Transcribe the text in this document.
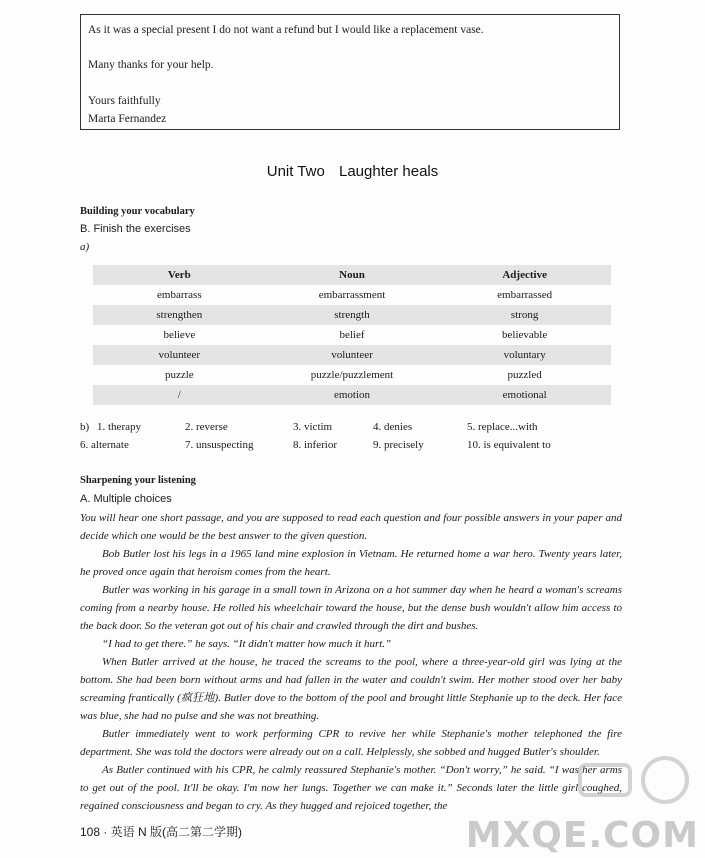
As it was a special present I do not want a refund but I would like a replacement vase.

Many thanks for your help.

Yours faithfully

Marta Fernandez

Unit Two Laughter heals
Building your vocabulary
B. Finish the exercises
a)
Verb	Noun	Adjective
embarrass	embarrassment	embarrassed
strengthen	strength	strong
believe	belief	believable
volunteer	volunteer	voluntary
puzzle	puzzle/puzzlement	puzzled
/	emotion	emotional
b) 1. therapy	2. reverse	3. victim	4. denies	5. replace...with
6. alternate	7. unsuspecting	8. inferior	9. precisely	10. is equivalent to
Sharpening your listening
A. Multiple choices

You will hear one short passage, and you are supposed to read each question and four possible answers in your paper and decide which one would be the best answer to the given question.

Bob Butler lost his legs in a 1965 land mine explosion in Vietnam. He returned home a war hero. Twenty years later, he proved once again that heroism comes from the heart.

Butler was working in his garage in a small town in Arizona on a hot summer day when he heard a woman's screams coming from a nearby house. He rolled his wheelchair toward the house, but the dense bush wouldn't allow him access to the back door. So the veteran got out of his chair and crawled through the dirt and bushes.

“I had to get there.” he says. “It didn't matter how much it hurt.”

When Butler arrived at the house, he traced the screams to the pool, where a three-year-old girl was lying at the bottom. She had been born without arms and had fallen in the water and couldn't swim. Her mother stood over her baby screaming frantically (疯狂地). Butler dove to the bottom of the pool and brought little Stephanie up to the deck. Her face was blue, she had no pulse and she was not breathing.

Butler immediately went to work performing CPR to revive her while Stephanie's mother telephoned the fire department. She was told the doctors were already out on a call. Helplessly, she sobbed and hugged Butler's shoulder.

As Butler continued with his CPR, he calmly reassured Stephanie's mother. “Don't worry,” he said. “I was her arms to get out of the pool. It'll be okay. I'm now her lungs. Together we can make it.” Seconds later the little girl coughed, regained consciousness and began to cry. As they hugged and rejoiced together, the

108 · 英语 N 版(高二第二学期)	MXQE.COM
